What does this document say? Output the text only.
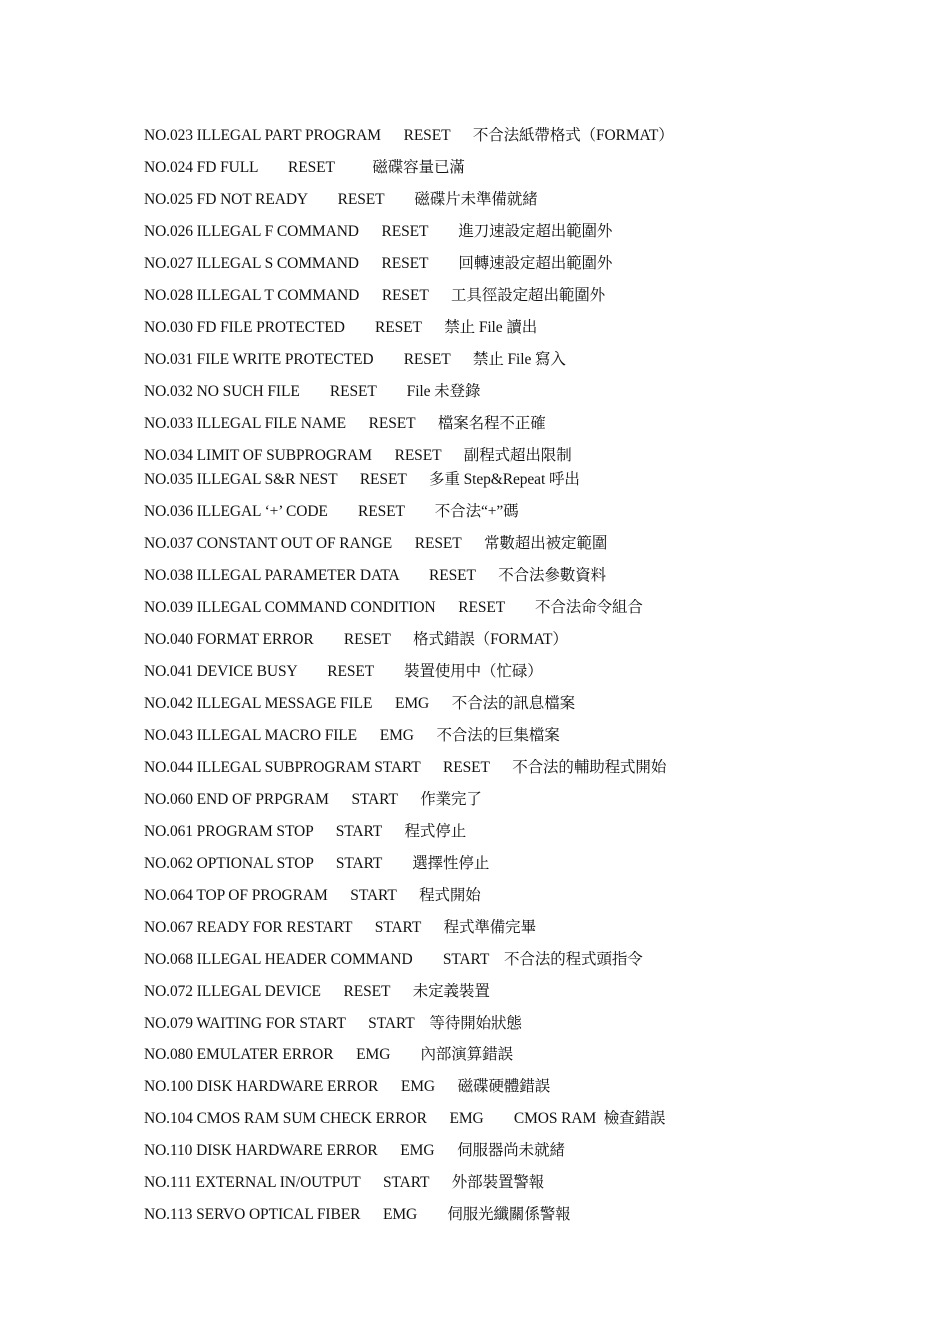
NO.023 ILLEGAL PART PROGRAM      RESET      不合法紙帶格式（FORMAT）
NO.024 FD FULL        RESET          磁碟容量已滿
NO.025 FD NOT READY        RESET        磁碟片未準備就緒
NO.026 ILLEGAL F COMMAND      RESET        進刀速設定超出範圍外
NO.027 ILLEGAL S COMMAND      RESET        回轉速設定超出範圍外
NO.028 ILLEGAL T COMMAND      RESET      工具徑設定超出範圍外
NO.030 FD FILE PROTECTED        RESET      禁止 File 讀出
NO.031 FILE WRITE PROTECTED        RESET      禁止 File 寫入
NO.032 NO SUCH FILE        RESET        File 未登錄
NO.033 ILLEGAL FILE NAME      RESET      檔案名程不正確
NO.034 LIMIT OF SUBPROGRAM      RESET      副程式超出限制
NO.035 ILLEGAL S&R NEST      RESET      多重 Step&Repeat 呼出
NO.036 ILLEGAL ‘+’ CODE        RESET        不合法“+”碼
NO.037 CONSTANT OUT OF RANGE      RESET      常數超出被定範圍
NO.038 ILLEGAL PARAMETER DATA        RESET      不合法參數資料
NO.039 ILLEGAL COMMAND CONDITION      RESET        不合法命令組合
NO.040 FORMAT ERROR        RESET      格式錯誤（FORMAT）
NO.041 DEVICE BUSY        RESET        裝置使用中（忙碌）
NO.042 ILLEGAL MESSAGE FILE      EMG      不合法的訊息檔案
NO.043 ILLEGAL MACRO FILE      EMG      不合法的巨集檔案
NO.044 ILLEGAL SUBPROGRAM START      RESET      不合法的輔助程式開始
NO.060 END OF PRPGRAM      START      作業完了
NO.061 PROGRAM STOP      START      程式停止
NO.062 OPTIONAL STOP      START        選擇性停止
NO.064 TOP OF PROGRAM      START      程式開始
NO.067 READY FOR RESTART      START      程式準備完畢
NO.068 ILLEGAL HEADER COMMAND        START    不合法的程式頭指令
NO.072 ILLEGAL DEVICE      RESET      未定義裝置
NO.079 WAITING FOR START      START    等待開始狀態
NO.080 EMULATER ERROR      EMG        內部演算錯誤
NO.100 DISK HARDWARE ERROR      EMG      磁碟硬體錯誤
NO.104 CMOS RAM SUM CHECK ERROR      EMG        CMOS RAM  檢查錯誤
NO.110 DISK HARDWARE ERROR      EMG      伺服器尚未就緒
NO.111 EXTERNAL IN/OUTPUT      START      外部裝置警報
NO.113 SERVO OPTICAL FIBER      EMG        伺服光纖關係警報
